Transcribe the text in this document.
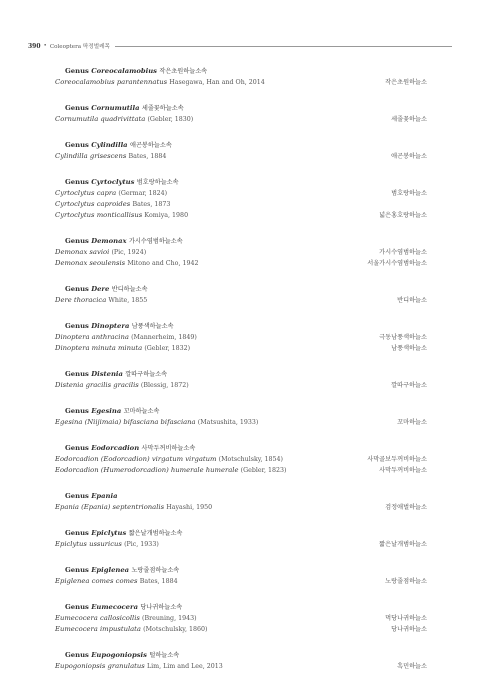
390 • Coleoptera 딱정벌레목
Genus Coreocalamobius 작은초원하늘소속
Coreocalamobius parantennatus Hasegawa, Han and Oh, 2014	작은초원하늘소
Genus Cornumutila 세줄꽃하늘소속
Cornumutila quadrivittata (Gebler, 1830)	세줄꽃하늘소
Genus Cylindilla 애곤봉하늘소속
Cylindilla grisescens Bates, 1884	애곤봉하늘소
Genus Cyrtoclytus 범호랑하늘소속
Cyrtoclytus capra (Germar, 1824)	범호랑하늘소
Cyrtoclytus caproides Bates, 1873
Cyrtoclytus monticallisus Komiya, 1980	넓은홍호랑하늘소
Genus Demonax 가시수염범하늘소속
Demonax savioi (Pic, 1924)	가시수염범하늘소
Demonax seoulensis Mitono and Cho, 1942	서울가시수염범하늘소
Genus Dere 반디하늘소속
Dere thoracica White, 1855	반디하늘소
Genus Dinoptera 남풍색하늘소속
Dinoptera anthracina (Mannerheim, 1849)	극동남풍색하늘소
Dinoptera minuta minuta (Gebler, 1832)	남풍색하늘소
Genus Distenia 깔따구하늘소속
Distenia gracilis gracilis (Blessig, 1872)	깔따구하늘소
Genus Egesina 꼬마하늘소속
Egesina (Niijimaia) bifasciana bifasciana (Matsushita, 1933)	꼬마하늘소
Genus Eodorcadion 사막두꺼비하늘소속
Eodorcadion (Eodorcadion) virgatum virgatum (Motschulsky, 1854)	사막골보두꺼비하늘소
Eodorcadion (Humerodorcadion) humerale humerale (Gebler, 1823)	사막두꺼비하늘소
Genus Epania
Epania (Epania) septentrionalis Hayashi, 1950	검정애벌하늘소
Genus Epiclytus 짧은날개범하늘소속
Epiclytus ussuricus (Pic, 1933)	짧은날개범하늘소
Genus Epiglenea 노랑줄점하늘소속
Epiglenea comes comes Bates, 1884	노랑줄점하늘소
Genus Eumecocera 당나귀하늘소속
Eumecocera callosicollis (Breuning, 1943)	먹당나귀하늘소
Eumecocera impustulata (Motschulsky, 1860)	당나귀하늘소
Genus Eupogoniopsis 털하늘소속
Eupogoniopsis granulatus Lim, Lim and Lee, 2013	흑민하늘소
